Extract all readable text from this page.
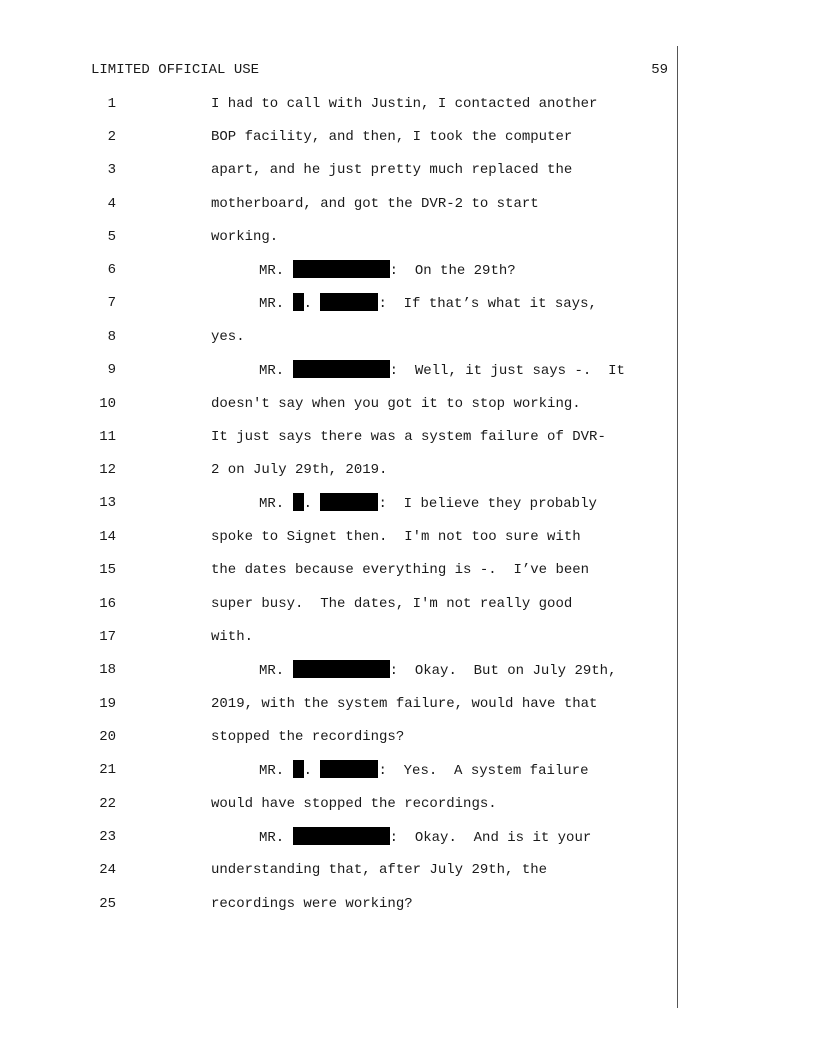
LIMITED OFFICIAL USE	59
1	I had to call with Justin, I contacted another
2	BOP facility, and then, I took the computer
3	apart, and he just pretty much replaced the
4	motherboard, and got the DVR-2 to start
5	working.
6	MR.	:  On the 29th?
7	MR. .	:  If that’s what it says,
8	yes.
9	MR.	:  Well, it just says -.  It
10	doesn't say when you got it to stop working.
11	It just says there was a system failure of DVR-
12	2 on July 29th, 2019.
13	MR. .	:  I believe they probably
14	spoke to Signet then.  I'm not too sure with
15	the dates because everything is -.  I’ve been
16	super busy.  The dates, I'm not really good
17	with.
18	MR.	:  Okay.  But on July 29th,
19	2019, with the system failure, would have that
20	stopped the recordings?
21	MR. .	:  Yes.  A system failure
22	would have stopped the recordings.
23	MR.	:  Okay.  And is it your
24	understanding that, after July 29th, the
25	recordings were working?
